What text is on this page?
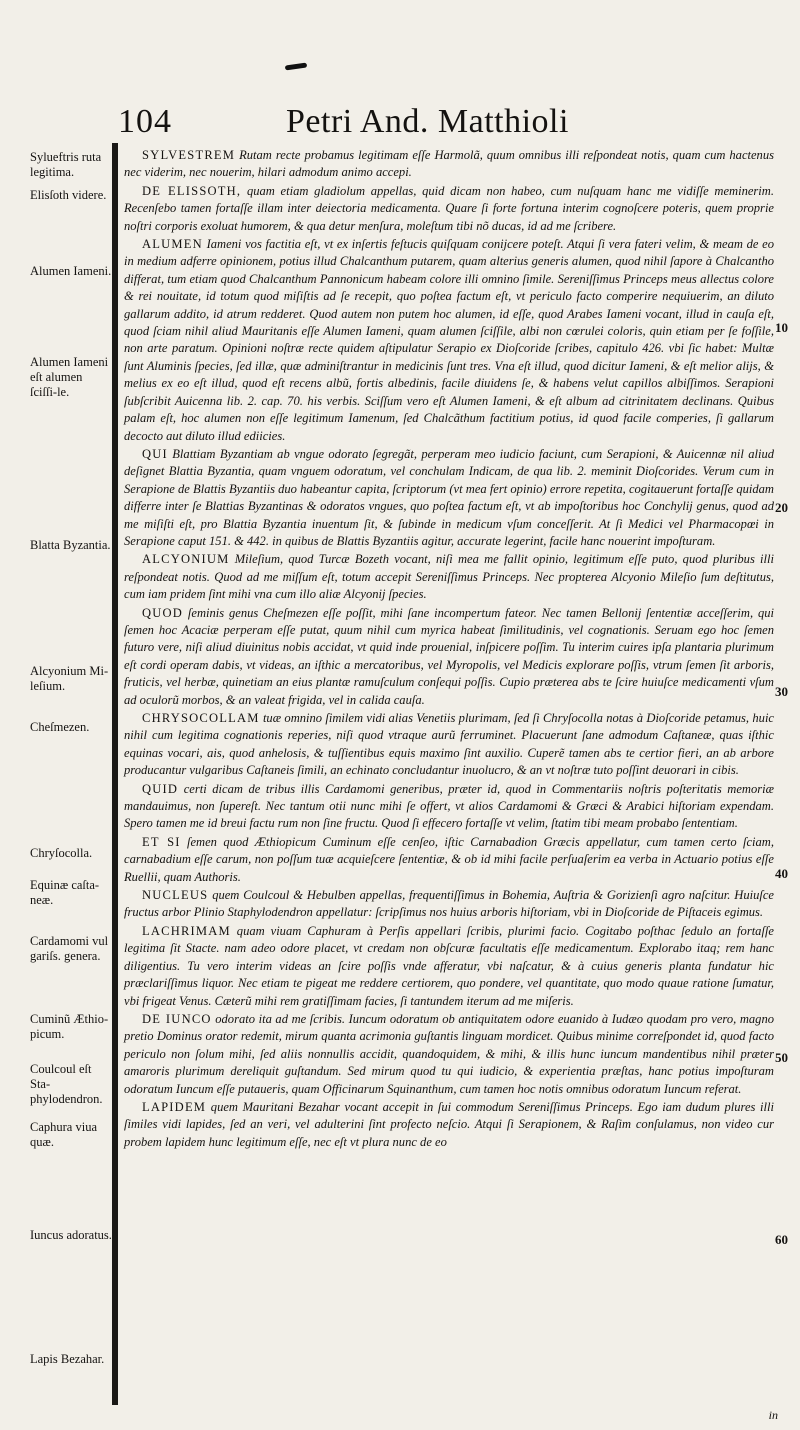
104	Petri And. Matthioli
Sylueftris ruta legitima.
Elisſoth videre.
Alumen Iameni.
Alumen Iameni eſt alumen ſciſſi-le.
Blatta Byzantia.
Alcyonium Mi-leſium.
Cheſmezen.
Chryſocolla.
Equinæ caſta-neæ.
Cardamomi vul gariſs. genera.
Cuminũ Æthio-picum.
Coulcoul eſt Sta-phylodendron.
Caphura viua quæ.
Iuncus adoratus.
Lapis Bezahar.
10
20
30
40
50
60

SYLVESTREM Rutam recte probamus legitimam eſſe Harmolã, quum omnibus illi reſpondeat notis, quam cum hactenus nec viderim, nec nouerim, hilari admodum animo accepi.

DE ELISSOTH, quam etiam gladiolum appellas, quid dicam non habeo, cum nuſquam hanc me vidiſſe meminerim. Recenſebo tamen fortaſſe illam inter deiectoria medicamenta. Quare ſi forte fortuna interim cognoſcere poteris, quem proprie noſtri corporis exoluat humorem, & qua detur menſura, moleſtum tibi nõ ducas, id ad me ſcribere.

ALUMEN Iameni vos factitia eſt, vt ex inſertis feſtucis quiſquam conijcere poteſt. Atqui ſi vera fateri velim, & meam de eo in medium adferre opinionem, potius illud Chalcanthum putarem, quam alterius generis alumen, quod nihil ſapore à Chalcantho differat, tum etiam quod Chalcanthum Pannonicum habeam colore illi omnino ſimile. Sereniſſimus Princeps meus allectus colore & rei nouitate, id totum quod miſiſtis ad ſe recepit, quo poſtea factum eſt, vt periculo facto comperire nequiuerim, an diluto gallarum addito, id atrum redderet. Quod autem non putem hoc alumen, id eſſe, quod Arabes Iameni vocant, illud in cauſa eſt, quod ſciam nihil aliud Mauritanis eſſe Alumen Iameni, quam alumen ſciſſile, albi non cœrulei coloris, quin etiam per ſe foſſile, non arte paratum. Opinioni noſtræ recte quidem aſtipulatur Serapio ex Dioſcoride ſcribes, capitulo 426. vbi ſic habet: Multæ ſunt Aluminis ſpecies, ſed illæ, quæ adminiſtrantur in medicinis ſunt tres. Vna eſt illud, quod dicitur Iameni, & eſt melior alijs, & melius ex eo eſt illud, quod eſt recens albũ, fortis albedinis, facile diuidens ſe, & habens velut capillos albiſſimos. Serapioni ſubſcribit Auicenna lib. 2. cap. 70. his verbis. Sciſſum vero eſt Alumen Iameni, & eſt album ad citrinitatem declinans. Quibus palam eſt, hoc alumen non eſſe legitimum Iamenum, ſed Chalcãthum factitium potius, id quod facile comperies, ſi gallarum decocto aut diluto illud ediicies.

QUI Blattiam Byzantiam ab vngue odorato ſegregãt, perperam meo iudicio faciunt, cum Serapioni, & Auicennæ nil aliud deſignet Blattia Byzantia, quam vnguem odoratum, vel conchulam Indicam, de qua lib. 2. meminit Dioſcorides. Verum cum in Serapione de Blattis Byzantiis duo habeantur capita, ſcriptorum (vt mea fert opinio) errore repetita, cogitauerunt fortaſſe quidam differre inter ſe Blattias Byzantinas & odoratos vngues, quo poſtea factum eſt, vt ab impoſtoribus hoc Conchylij genus, quod ad me miſiſti eſt, pro Blattia Byzantia inuentum ſit, & ſubinde in medicum vſum conceſſerit. At ſi Medici vel Pharmacopœi in Serapione caput 151. & 442. in quibus de Blattis Byzantiis agitur, accurate legerint, facile hanc nouerint impoſturam.

ALCYONIUM Mileſium, quod Turcæ Bozeth vocant, niſi mea me fallit opinio, legitimum eſſe puto, quod pluribus illi reſpondeat notis. Quod ad me miſſum eſt, totum accepit Sereniſſimus Princeps. Nec propterea Alcyonio Mileſio ſum deſtitutus, cum iam pridem ſint mihi vna cum illo aliæ Alcyonij ſpecies.

QUOD ſeminis genus Cheſmezen eſſe poſſit, mihi ſane incompertum fateor. Nec tamen Bellonij ſententiæ acceſſerim, qui ſemen hoc Acaciæ perperam eſſe putat, quum nihil cum myrica habeat ſimilitudinis, vel cognationis. Seruam ego hoc ſemen futuro vere, niſi aliud diuinitus nobis accidat, vt quid inde prouenial, inſpicere poſſim. Tu interim cuires ipſa plantaria plurimum eſt cordi operam dabis, vt videas, an iſthic a mercatoribus, vel Myropolis, vel Medicis explorare poſſis, vtrum ſemen ſit arboris, fruticis, vel herbæ, quinetiam an eius plantæ ramuſculum conſequi poſſis. Cupio præterea abs te ſcire huiuſce medicamenti vſum ad oculorũ morbos, & an valeat frigida, vel in calida cauſa.

CHRYSOCOLLAM tuæ omnino ſimilem vidi alias Venetiis plurimam, ſed ſi Chryſocolla notas à Dioſcoride petamus, huic nihil cum legitima cognationis reperies, niſi quod vtraque aurũ ferruminet. Placuerunt ſane admodum Caſtaneæ, quas iſthic equinas vocari, ais, quod anhelosis, & tuſſientibus equis maximo ſint auxilio. Cuperẽ tamen abs te certior fieri, an ab arbore producantur vulgaribus Caſtaneis ſimili, an echinato concludantur inuolucro, & an vt noſtræ tuto poſſint deuorari in cibis.

QUID certi dicam de tribus illis Cardamomi generibus, præter id, quod in Commentariis noſtris poſteritatis memoriæ mandauimus, non ſupereſt. Nec tantum otii nunc mihi ſe offert, vt alios Cardamomi & Græci & Arabici hiſtoriam expendam. Spero tamen me id breui factu rum non ſine fructu. Quod ſi effecero fortaſſe vt velim, ſtatim tibi meam probabo ſententiam.

ET SI ſemen quod Æthiopicum Cuminum eſſe cenſeo, iſtic Carnabadion Græcis appellatur, cum tamen certo ſciam, carnabadium eſſe carum, non poſſum tuæ acquieſcere ſententiæ, & ob id mihi facile perſuaſerim ea verba in Actuario potius eſſe Ruellii, quam Authoris.

NUCLEUS quem Coulcoul & Hebulben appellas, frequentiſſimus in Bohemia, Auſtria & Gorizienſi agro naſcitur. Huiuſce fructus arbor Plinio Staphylodendron appellatur: ſcripſimus nos huius arboris hiſtoriam, vbi in Dioſcoride de Piſtaceis egimus.

LACHRIMAM quam viuam Caphuram à Perſis appellari ſcribis, plurimi facio. Cogitabo poſthac ſedulo an fortaſſe legitima ſit Stacte. nam adeo odore placet, vt credam non obſcuræ facultatis eſſe medicamentum. Explorabo itaq; rem hanc diligentius. Tu vero interim videas an ſcire poſſis vnde afferatur, vbi naſcatur, & à cuius generis planta fundatur hic præclariſſimus liquor. Nec etiam te pigeat me reddere certiorem, quo pondere, vel quantitate, quo modo quaue ratione ſumatur, vbi frigeat Venus. Cæterũ mihi rem gratiſſimam facies, ſi tantundem iterum ad me miſeris.

DE IUNCO odorato ita ad me ſcribis. Iuncum odoratum ob antiquitatem odore euanido à Iudæo quodam pro vero, magno pretio Dominus orator redemit, mirum quanta acrimonia guſtantis linguam mordicet. Quibus minime correſpondet id, quod facto periculo non ſolum mihi, ſed aliis nonnullis accidit, quandoquidem, & mihi, & illis hunc iuncum mandentibus nihil præter amaroris plurimum dereliquit guſtandum. Sed mirum quod tu qui iudicio, & experientia præſtas, hanc potius impoſturam odoratum Iuncum eſſe putaueris, quam Officinarum Squinanthum, cum tamen hoc notis omnibus odoratum Iuncum referat.

LAPIDEM quem Mauritani Bezahar vocant accepit in ſui commodum Sereniſſimus Princeps. Ego iam dudum plures illi ſimiles vidi lapides, ſed an veri, vel adulterini ſint profecto neſcio. Atqui ſi Serapionem, & Raſim conſulamus, non video cur probem lapidem hunc legitimum eſſe, nec eſt vt plura nunc de eo

in
